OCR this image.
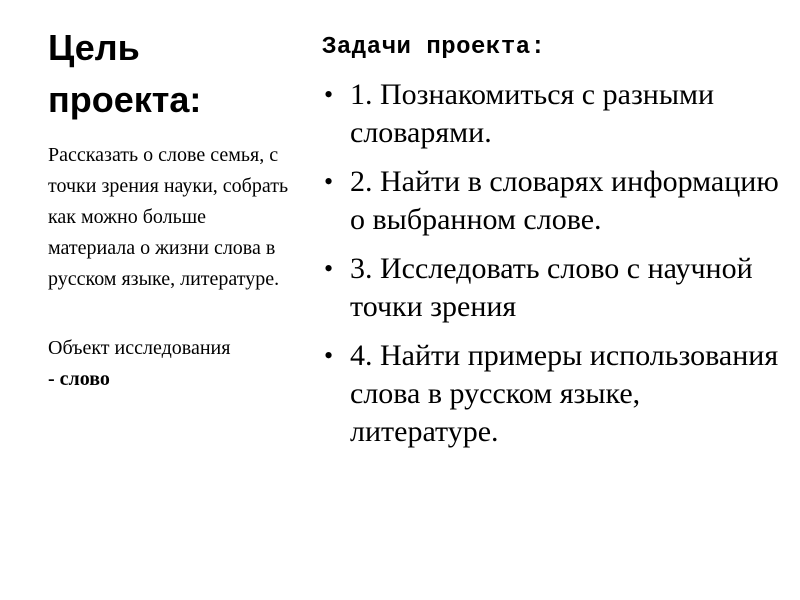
Цель проекта:

Рассказать о слове семья, с точки зрения науки, собрать как можно больше материала о жизни слова в русском языке, литературе.

Объект исследования
- слово
Задачи проекта:
• 1. Познакомиться с разными словарями.
• 2. Найти в словарях информацию о выбранном слове.
• 3. Исследовать слово с научной точки зрения
• 4. Найти примеры использования слова в русском языке, литературе.
